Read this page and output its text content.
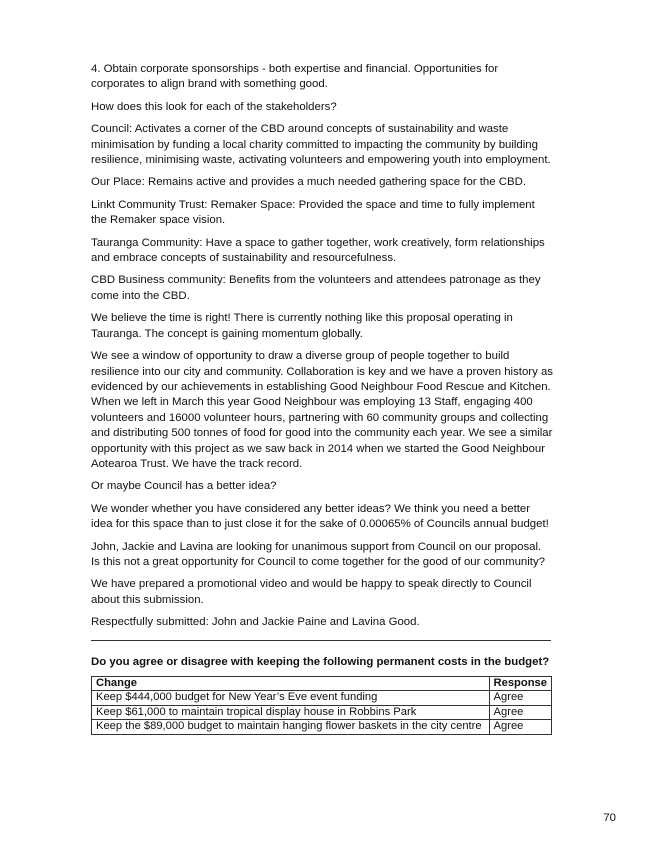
4. Obtain corporate sponsorships - both expertise and financial. Opportunities for corporates to align brand with something good.

How does this look for each of the stakeholders?

Council: Activates a corner of the CBD around concepts of sustainability and waste minimisation by funding a local charity committed to impacting the community by building resilience, minimising waste, activating volunteers and empowering youth into employment.

Our Place: Remains active and provides a much needed gathering space for the CBD.

Linkt Community Trust: Remaker Space: Provided the space and time to fully implement the Remaker space vision.

Tauranga Community: Have a space to gather together, work creatively, form relationships and embrace concepts of sustainability and resourcefulness.

CBD Business community: Benefits from the volunteers and attendees patronage as they come into the CBD.

We believe the time is right! There is currently nothing like this proposal operating in Tauranga. The concept is gaining momentum globally.

We see a window of opportunity to draw a diverse group of people together to build resilience into our city and community. Collaboration is key and we have a proven history as evidenced by our achievements in establishing Good Neighbour Food Rescue and Kitchen. When we left in March this year Good Neighbour was employing 13 Staff, engaging 400 volunteers and 16000 volunteer hours, partnering with 60 community groups and collecting and distributing 500 tonnes of food for good into the community each year. We see a similar opportunity with this project as we saw back in 2014 when we started the Good Neighbour Aotearoa Trust. We have the track record.

Or maybe Council has a better idea?

We wonder whether you have considered any better ideas? We think you need a better idea for this space than to just close it for the sake of 0.00065% of Councils annual budget!

John, Jackie and Lavina are looking for unanimous support from Council on our proposal. Is this not a great opportunity for Council to come together for the good of our community?

We have prepared a promotional video and would be happy to speak directly to Council about this submission.

Respectfully submitted: John and Jackie Paine and Lavina Good.

Do you agree or disagree with keeping the following permanent costs in the budget?
Change	Response
Keep $444,000 budget for New Year’s Eve event funding	Agree
Keep $61,000 to maintain tropical display house in Robbins Park	Agree
Keep the $89,000 budget to maintain hanging flower baskets in the city centre	Agree
70
